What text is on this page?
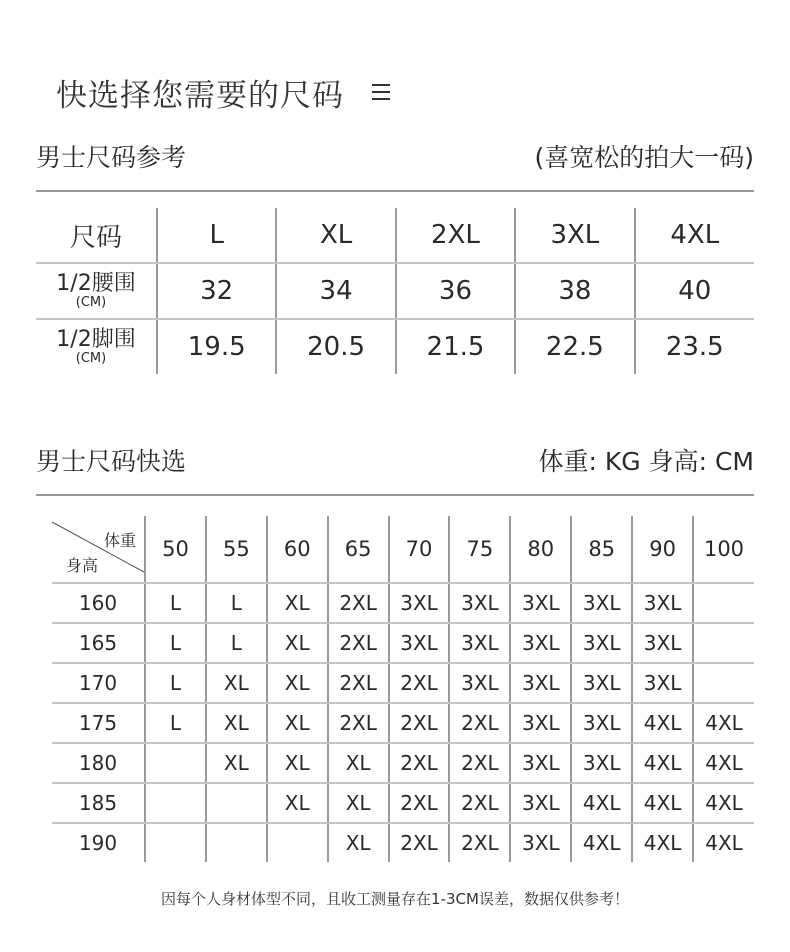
快选择您需要的尺码
男士尺码参考	(喜宽松的拍大一码)
尺码	L	XL	2XL	3XL	4XL

1/2腰围
(CM)	32	34	36	38	40

1/2脚围
(CM)	19.5	20.5	21.5	22.5	23.5
男士尺码快选	体重: KG 身高: CM
体重
身高	50	55	60	65	70	75	80	85	90	100
160	L	L	XL	2XL	3XL	3XL	3XL	3XL	3XL	
165	L	L	XL	2XL	3XL	3XL	3XL	3XL	3XL	
170	L	XL	XL	2XL	2XL	3XL	3XL	3XL	3XL	
175	L	XL	XL	2XL	2XL	2XL	3XL	3XL	4XL	4XL
180		XL	XL	XL	2XL	2XL	3XL	3XL	4XL	4XL
185			XL	XL	2XL	2XL	3XL	4XL	4XL	4XL
190				XL	2XL	2XL	3XL	4XL	4XL	4XL
因每个人身材体型不同，且收工测量存在1-3CM误差，数据仅供参考！
